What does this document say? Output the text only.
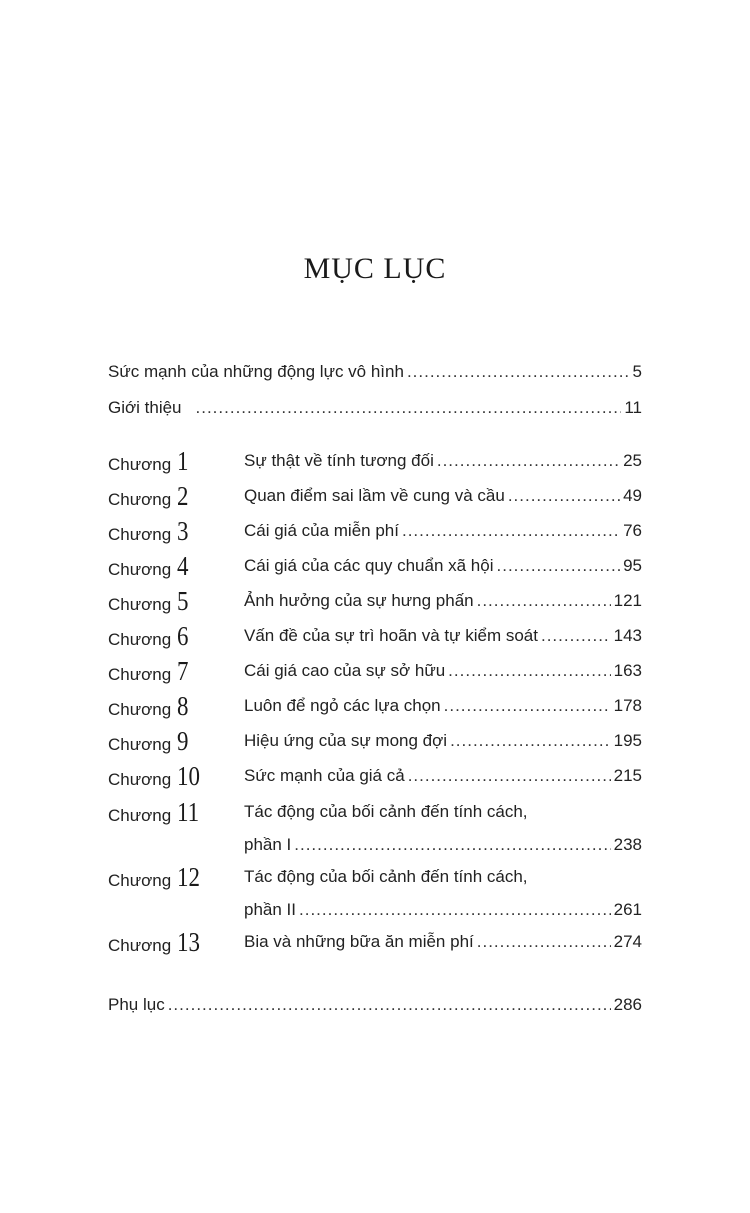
MỤC LỤC
Sức mạnh của những động lực vô hình .....	5
Giới thiệu .....	11
Chương 1	Sự thật về tính tương đối .....	25
Chương 2	Quan điểm sai lầm về cung và cầu .....	49
Chương 3	Cái giá của miễn phí .....	76
Chương 4	Cái giá của các quy chuẩn xã hội .....	95
Chương 5	Ảnh hưởng của sự hưng phấn .....	121
Chương 6	Vấn đề của sự trì hoãn và tự kiểm soát .....	143
Chương 7	Cái giá cao của sự sở hữu .....	163
Chương 8	Luôn để ngỏ các lựa chọn .....	178
Chương 9	Hiệu ứng của sự mong đợi .....	195
Chương 10	Sức mạnh của giá cả .....	215
Chương 11	Tác động của bối cảnh đến tính cách,
phần I .....	238
Chương 12	Tác động của bối cảnh đến tính cách,
phần II .....	261
Chương 13	Bia và những bữa ăn miễn phí .....	274
Phụ lục .....	286
